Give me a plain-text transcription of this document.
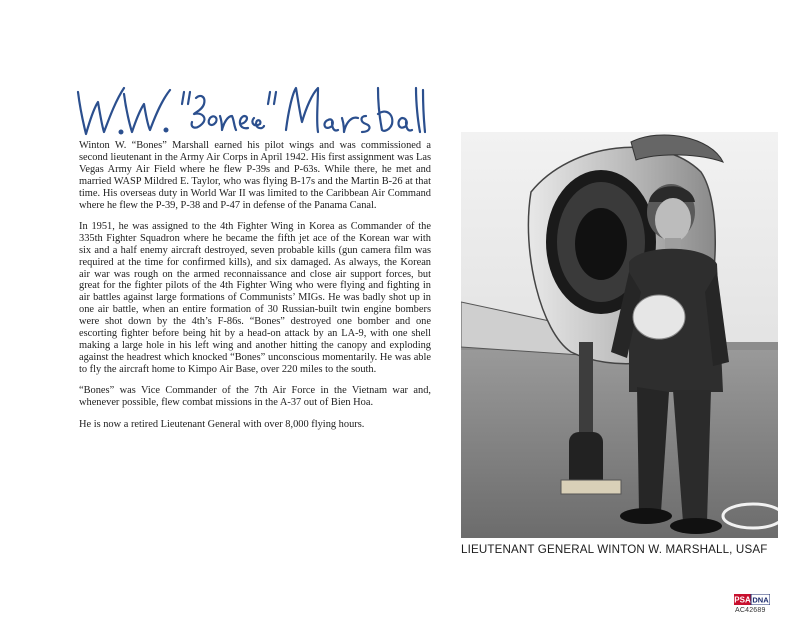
Winton W. “Bones” Marshall earned his pilot wings and was commissioned a second lieutenant in the Army Air Corps in April 1942. His first assignment was Las Vegas Army Air Field where he flew P-39s and P-63s. While there, he met and married WASP Mildred E. Taylor, who was flying B-17s and the Martin B-26 at that time. His overseas duty in World War II was limited to the Caribbean Air Command where he flew the P-39, P-38 and P-47 in defense of the Panama Canal.

In 1951, he was assigned to the 4th Fighter Wing in Korea as Commander of the 335th Fighter Squadron where he became the fifth jet ace of the Korean war with six and a half enemy aircraft destroyed, seven probable kills (gun camera film was required at the time for confirmed kills), and six damaged. As always, the Korean air war was rough on the armed reconnaissance and close air support forces, but great for the fighter pilots of the 4th Fighter Wing who were flying and fighting in air battles against large formations of Communists’ MIGs. He was badly shot up in one air battle, when an entire formation of 30 Russian-built twin engine bombers were shot down by the 4th’s F-86s. “Bones” destroyed one bomber and one escorting fighter before being hit by a head-on attack by an LA-9, with one shell making a large hole in his left wing and another hitting the canopy and exploding against the headrest which knocked “Bones” unconscious momentarily. He was able to fly the aircraft home to Kimpo Air Base, over 220 miles to the south.

“Bones” was Vice Commander of the 7th Air Force in the Vietnam war and, whenever possible, flew combat missions in the A-37 out of Bien Hoa.

He is now a retired Lieutenant General with over 8,000 flying hours.

LIEUTENANT GENERAL WINTON W. MARSHALL, USAF
PSA DNA
AC42689
